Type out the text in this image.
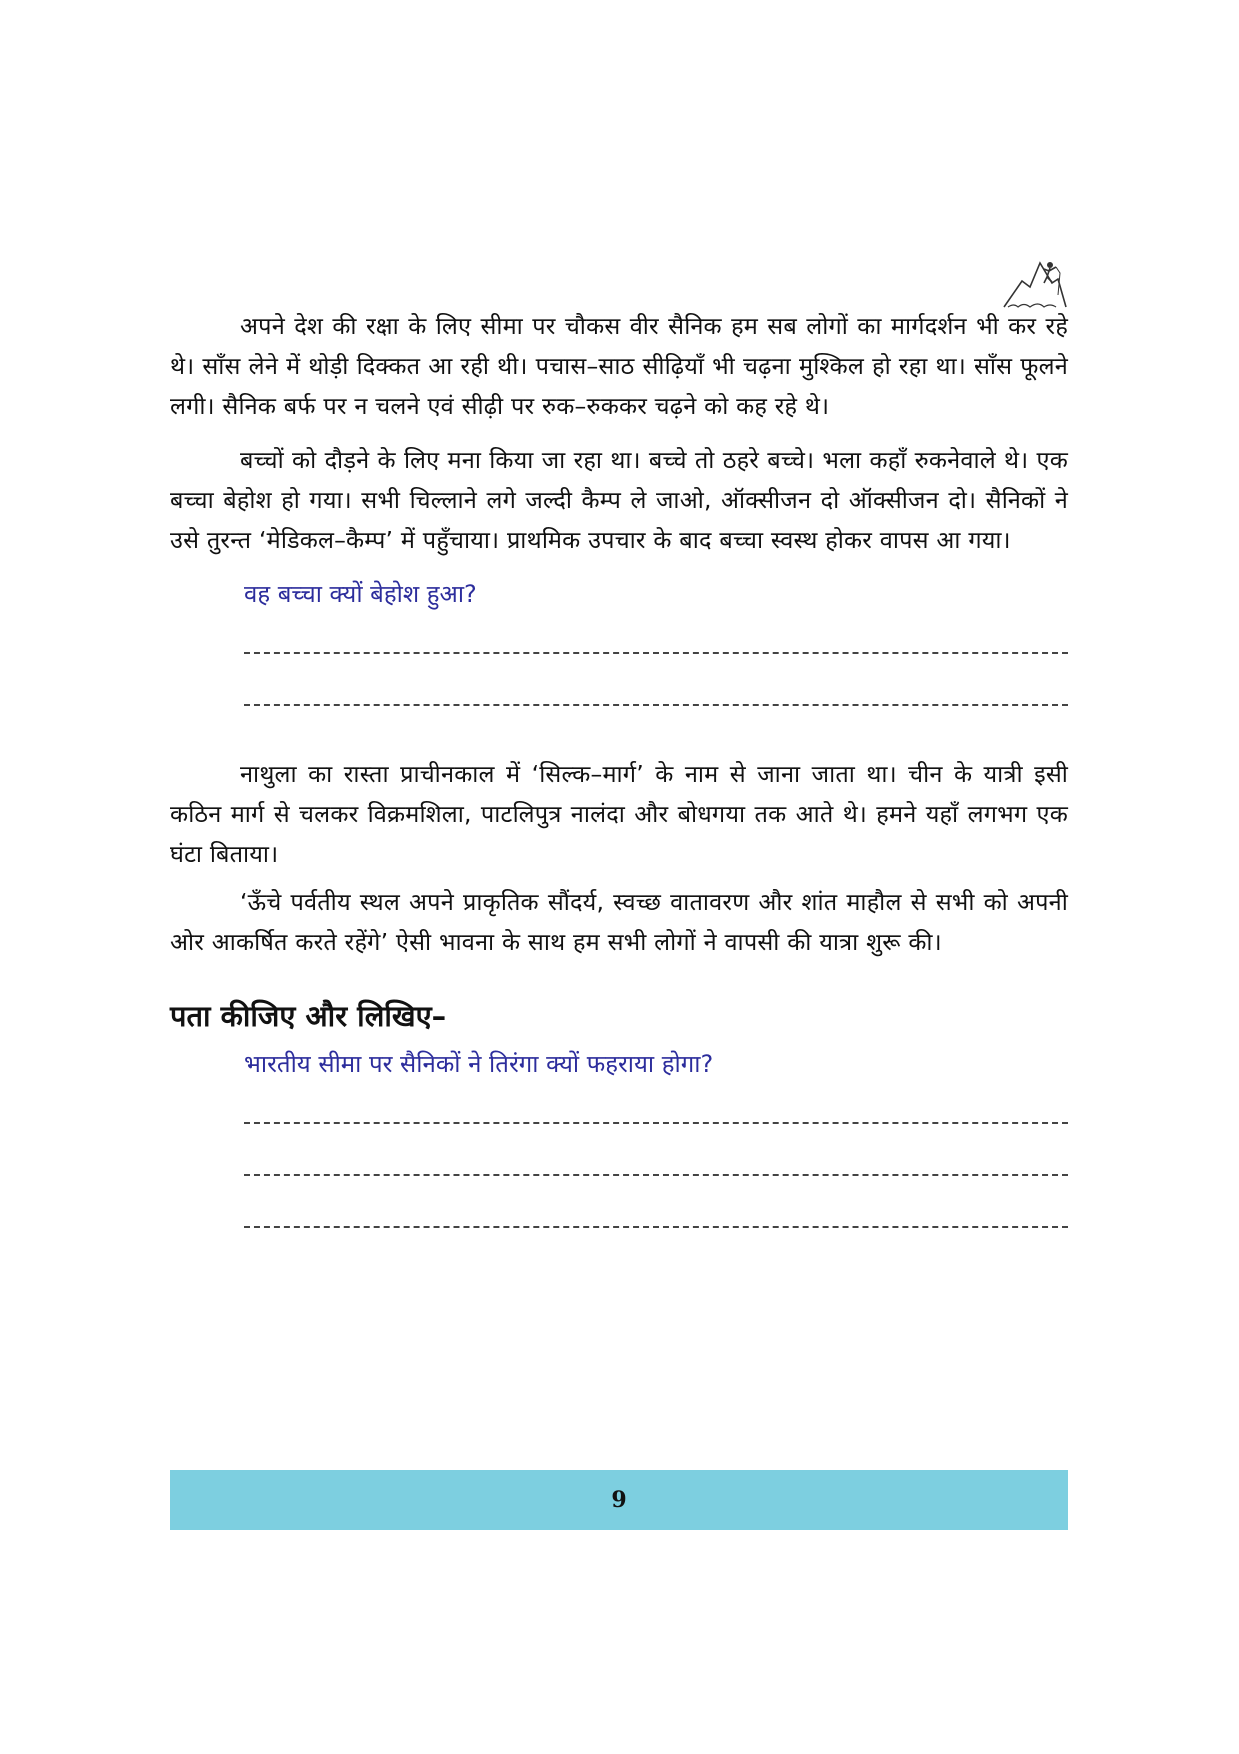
अपने देश की रक्षा के लिए सीमा पर चौकस वीर सैनिक हम सब लोगों का मार्गदर्शन भी कर रहे थे। साँस लेने में थोड़ी दिक्कत आ रही थी। पचास–साठ सीढ़ियाँ भी चढ़ना मुश्किल हो रहा था। साँस फूलने लगी। सैनिक बर्फ पर न चलने एवं सीढ़ी पर रुक–रुककर चढ़ने को कह रहे थे।

बच्चों को दौड़ने के लिए मना किया जा रहा था। बच्चे तो ठहरे बच्चे। भला कहाँ रुकनेवाले थे। एक बच्चा बेहोश हो गया। सभी चिल्लाने लगे जल्दी कैम्प ले जाओ, ऑक्सीजन दो ऑक्सीजन दो। सैनिकों ने उसे तुरन्त ‘मेडिकल–कैम्प’ में पहुँचाया। प्राथमिक उपचार के बाद बच्चा स्वस्थ होकर वापस आ गया।

वह बच्चा क्यों बेहोश हुआ?

नाथुला का रास्ता प्राचीनकाल में ‘सिल्क–मार्ग’ के नाम से जाना जाता था। चीन के यात्री इसी कठिन मार्ग से चलकर विक्रमशिला, पाटलिपुत्र नालंदा और बोधगया तक आते थे। हमने यहाँ लगभग एक घंटा बिताया।

‘ऊँचे पर्वतीय स्थल अपने प्राकृतिक सौंदर्य, स्वच्छ वातावरण और शांत माहौल से सभी को अपनी ओर आकर्षित करते रहेंगे’ ऐसी भावना के साथ हम सभी लोगों ने वापसी की यात्रा शुरू की।

पता कीजिए और लिखिए–
भारतीय सीमा पर सैनिकों ने तिरंगा क्यों फहराया होगा?
9
